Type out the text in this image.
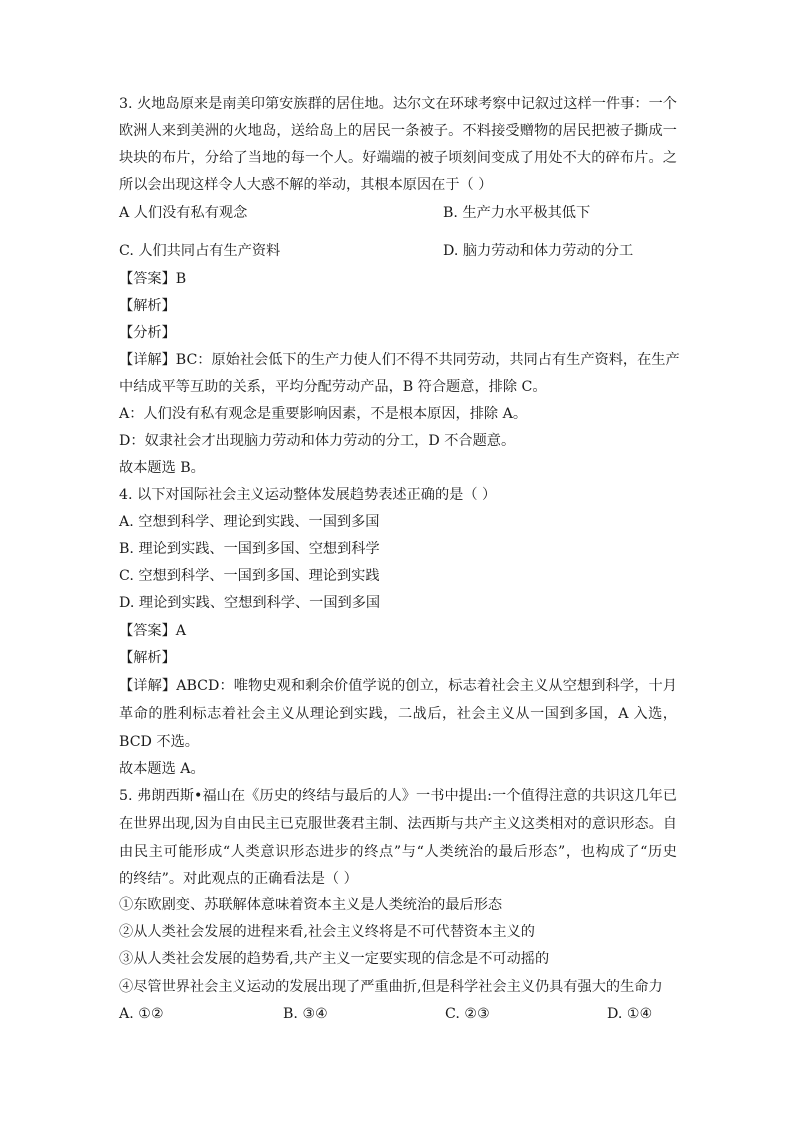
3. 火地岛原来是南美印第安族群的居住地。达尔文在环球考察中记叙过这样一件事：一个
欧洲人来到美洲的火地岛，送给岛上的居民一条被子。不料接受赠物的居民把被子撕成一
块块的布片，分给了当地的每一个人。好端端的被子顷刻间变成了用处不大的碎布片。之
所以会出现这样令人大惑不解的举动，其根本原因在于（ ）
A 人们没有私有观念	B. 生产力水平极其低下
C. 人们共同占有生产资料	D. 脑力劳动和体力劳动的分工
【答案】B
【解析】
【分析】
【详解】BC：原始社会低下的生产力使人们不得不共同劳动，共同占有生产资料，在生产
中结成平等互助的关系，平均分配劳动产品，B 符合题意，排除 C。
A：人们没有私有观念是重要影响因素，不是根本原因，排除 A。
D：奴隶社会才出现脑力劳动和体力劳动的分工，D 不合题意。
故本题选 B。
4. 以下对国际社会主义运动整体发展趋势表述正确的是（ ）
A. 空想到科学、理论到实践、一国到多国
B. 理论到实践、一国到多国、空想到科学
C. 空想到科学、一国到多国、理论到实践
D. 理论到实践、空想到科学、一国到多国
【答案】A
【解析】
【详解】ABCD：唯物史观和剩余价值学说的创立，标志着社会主义从空想到科学，十月
革命的胜利标志着社会主义从理论到实践，二战后，社会主义从一国到多国，A 入选，
BCD 不选。
故本题选 A。
5. 弗朗西斯•福山在《历史的终结与最后的人》一书中提出:一个值得注意的共识这几年已
在世界出现,因为自由民主已克服世袭君主制、法西斯与共产主义这类相对的意识形态。自
由民主可能形成“人类意识形态进步的终点”与“人类统治的最后形态”，也构成了“历史
的终结”。对此观点的正确看法是（ ）
①东欧剧变、苏联解体意味着资本主义是人类统治的最后形态
②从人类社会发展的进程来看,社会主义终将是不可代替资本主义的
③从人类社会发展的趋势看,共产主义一定要实现的信念是不可动摇的
④尽管世界社会主义运动的发展出现了严重曲折,但是科学社会主义仍具有强大的生命力
A. ①②	B. ③④	C. ②③	D. ①④
